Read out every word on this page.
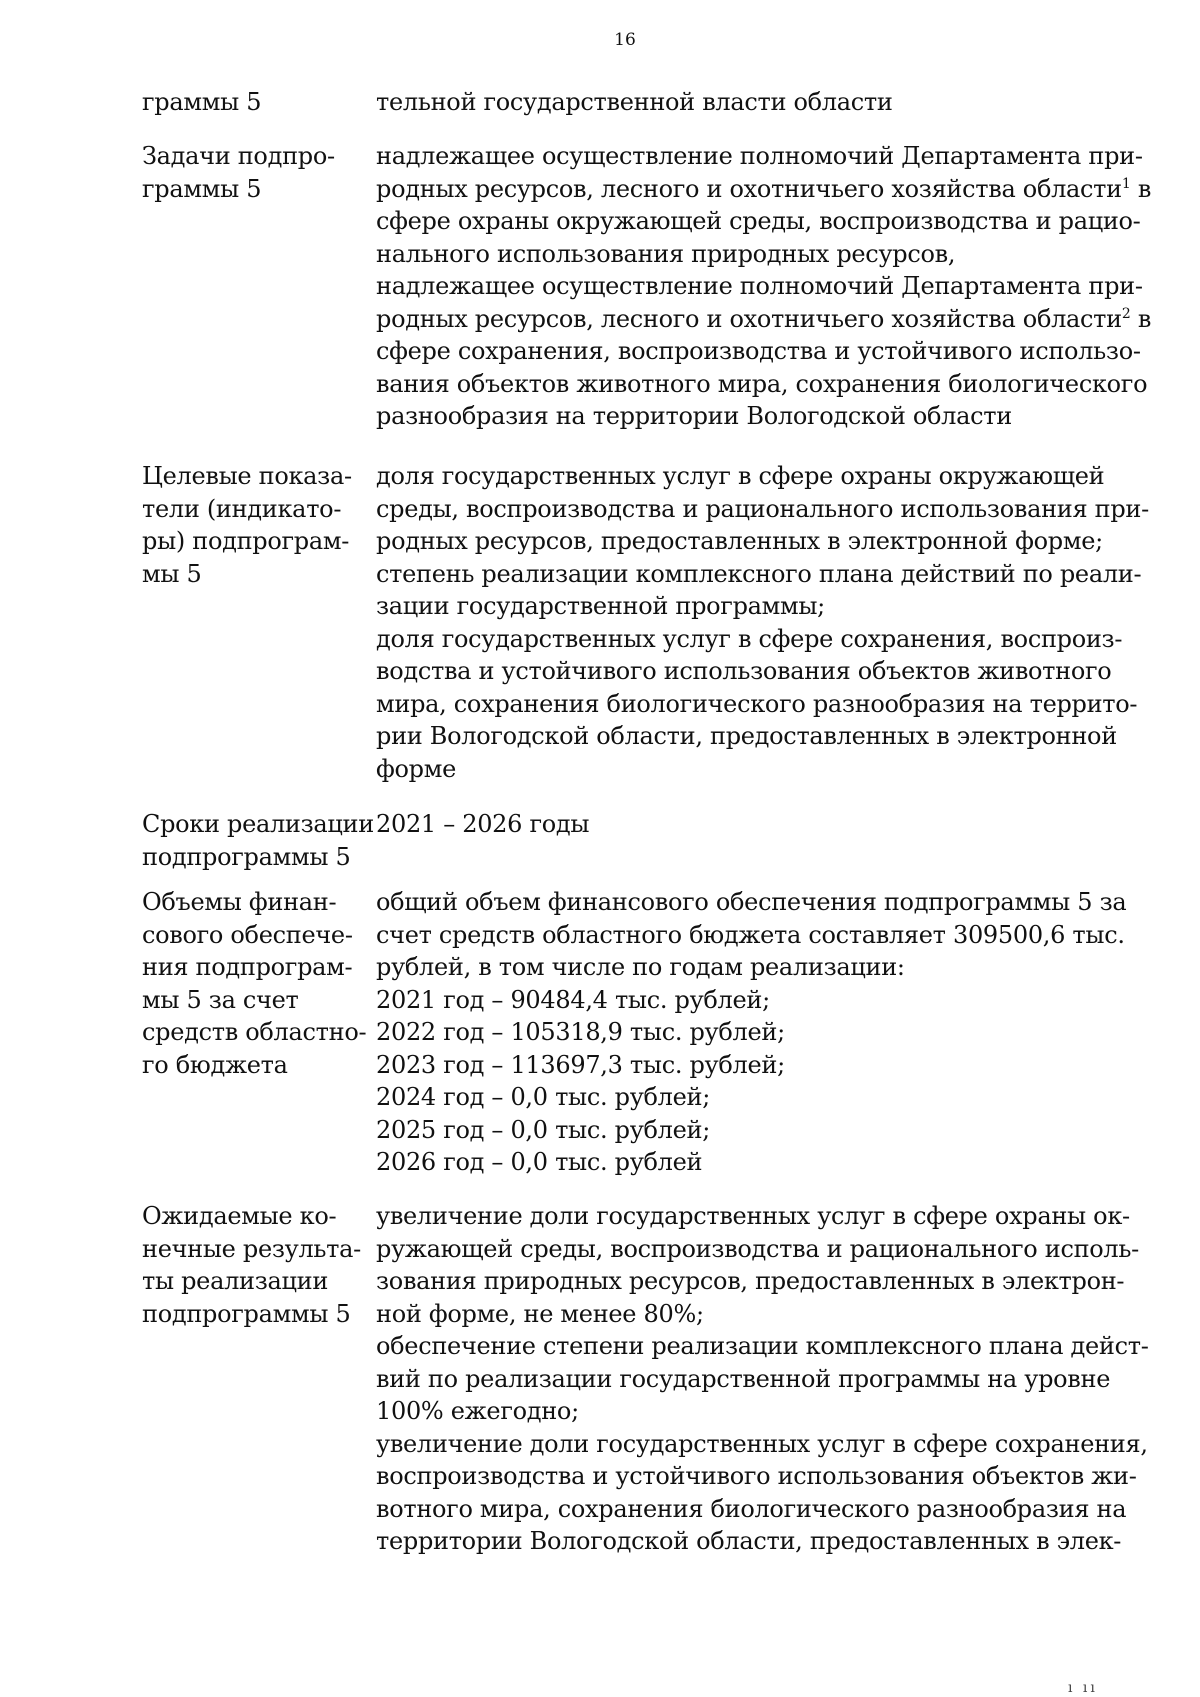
16
граммы 5	тельной государственной власти области
Задачи подпро-
граммы 5
надлежащее осуществление полномочий Департамента при-
родных ресурсов, лесного и охотничьего хозяйства области$^1$ в
сфере охраны окружающей среды, воспроизводства и рацио-
нального использования природных ресурсов,
надлежащее осуществление полномочий Департамента при-
родных ресурсов, лесного и охотничьего хозяйства области$^2$ в
сфере сохранения, воспроизводства и устойчивого использо-
вания объектов животного мира, сохранения биологического
разнообразия на территории Вологодской области
Целевые показа-
тели (индикато-
ры) подпрограм-
мы 5
доля государственных услуг в сфере охраны окружающей
среды, воспроизводства и рационального использования при-
родных ресурсов, предоставленных в электронной форме;
степень реализации комплексного плана действий по реали-
зации государственной программы;
доля государственных услуг в сфере сохранения, воспроиз-
водства и устойчивого использования объектов животного
мира, сохранения биологического разнообразия на террито-
рии Вологодской области, предоставленных в электронной
форме
Сроки реализации
подпрограммы 5
2021 – 2026 годы
Объемы финан-
сового обеспече-
ния подпрограм-
мы 5 за счет
средств областно-
го бюджета
общий объем финансового обеспечения подпрограммы 5 за
счет средств областного бюджета составляет 309500,6 тыс.
рублей, в том числе по годам реализации:
2021 год – 90484,4 тыс. рублей;
2022 год – 105318,9 тыс. рублей;
2023 год – 113697,3 тыс. рублей;
2024 год – 0,0 тыс. рублей;
2025 год – 0,0 тыс. рублей;
2026 год – 0,0 тыс. рублей
Ожидаемые ко-
нечные результа-
ты реализации
подпрограммы 5
увеличение доли государственных услуг в сфере охраны ок-
ружающей среды, воспроизводства и рационального исполь-
зования природных ресурсов, предоставленных в электрон-
ной форме, не менее 80%;
обеспечение степени реализации комплексного плана дейст-
вий по реализации государственной программы на уровне
100% ежегодно;
увеличение доли государственных услуг в сфере сохранения,
воспроизводства и устойчивого использования объектов жи-
вотного мира, сохранения биологического разнообразия на
территории Вологодской области, предоставленных в элек-
ı ıı
